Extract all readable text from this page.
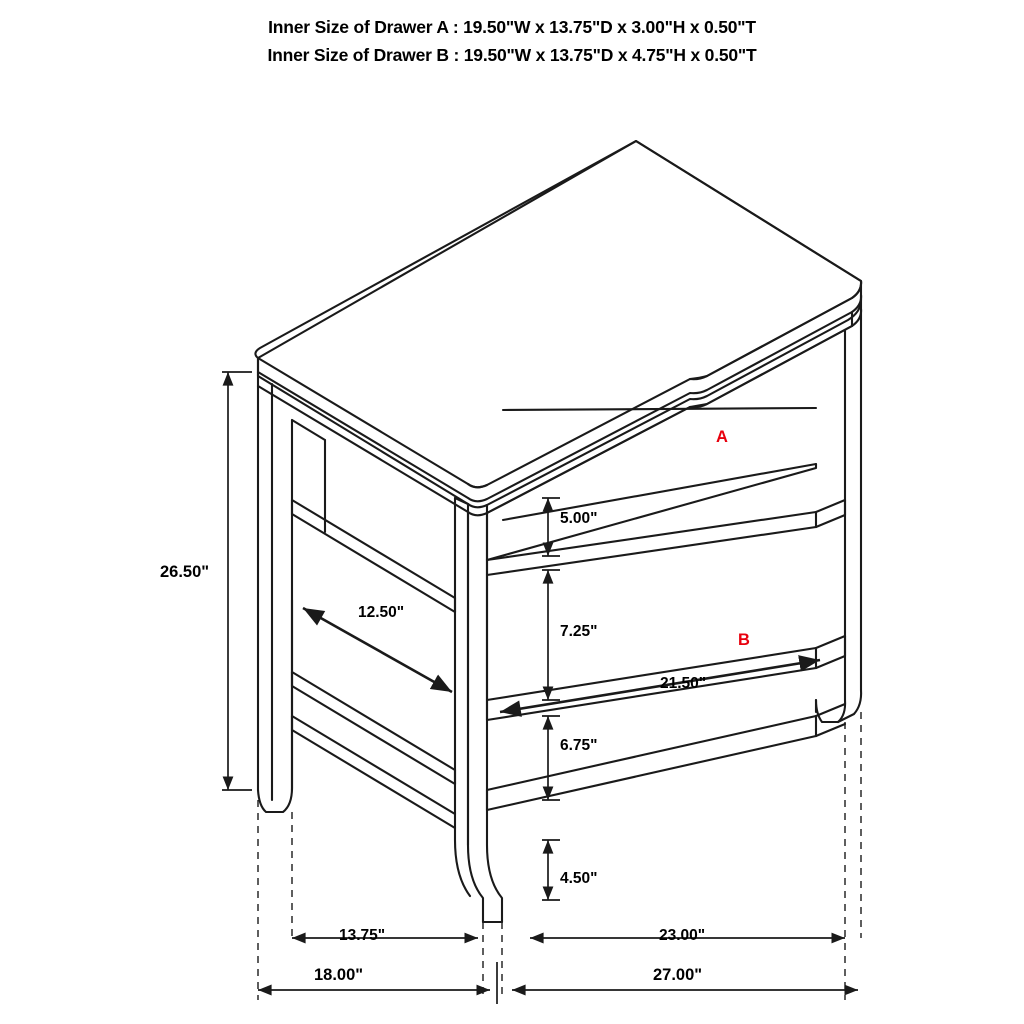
Inner Size of Drawer A : 19.50"W x 13.75"D x 3.00"H x 0.50"T
Inner Size of Drawer B : 19.50"W x 13.75"D x 4.75"H x 0.50"T
26.50"
5.00"
7.25"
6.75"
4.50"
12.50"
21.50"
13.75"	23.00"
18.00"	27.00"
A
B
